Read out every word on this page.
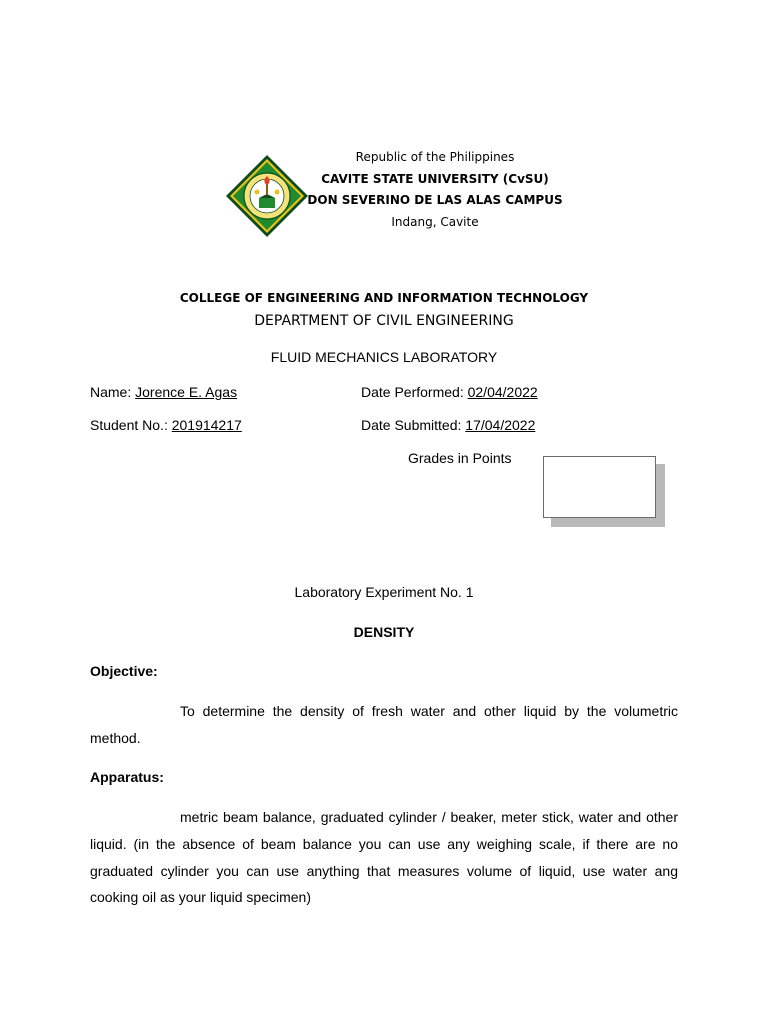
Republic of the Philippines
CAVITE STATE UNIVERSITY (CvSU)
DON SEVERINO DE LAS ALAS CAMPUS
Indang, Cavite
COLLEGE OF ENGINEERING AND INFORMATION TECHNOLOGY
DEPARTMENT OF CIVIL ENGINEERING
FLUID MECHANICS LABORATORY
Name: Jorence E. Agas	Date Performed: 02/04/2022
Student No.: 201914217	Date Submitted: 17/04/2022
Grades in Points
Laboratory Experiment No. 1
DENSITY
Objective:
To determine the density of fresh water and other liquid by the volumetric method.
Apparatus:
metric beam balance, graduated cylinder / beaker, meter stick, water and other liquid. (in the absence of beam balance you can use any weighing scale, if there are no graduated cylinder you can use anything that measures volume of liquid, use water ang cooking oil as your liquid specimen)
